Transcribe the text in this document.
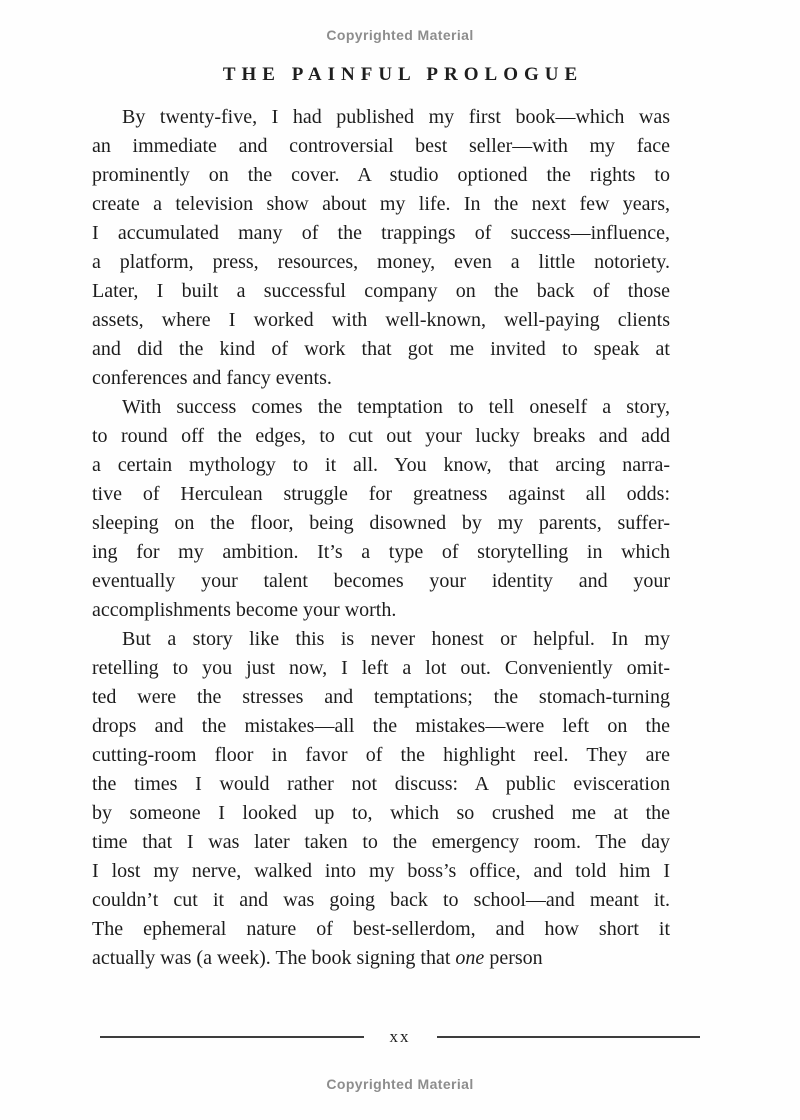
Copyrighted Material
THE PAINFUL PROLOGUE
By twenty-five, I had published my first book—which was
an immediate and controversial best seller—with my face
prominently on the cover. A studio optioned the rights to
create a television show about my life. In the next few years,
I accumulated many of the trappings of success—influence,
a platform, press, resources, money, even a little notoriety.
Later, I built a successful company on the back of those
assets, where I worked with well-known, well-paying clients
and did the kind of work that got me invited to speak at
conferences and fancy events.
With success comes the temptation to tell oneself a story,
to round off the edges, to cut out your lucky breaks and add
a certain mythology to it all. You know, that arcing narra-
tive of Herculean struggle for greatness against all odds:
sleeping on the floor, being disowned by my parents, suffer-
ing for my ambition. It’s a type of storytelling in which
eventually your talent becomes your identity and your
accomplishments become your worth.
But a story like this is never honest or helpful. In my
retelling to you just now, I left a lot out. Conveniently omit-
ted were the stresses and temptations; the stomach-turning
drops and the mistakes—all the mistakes—were left on the
cutting-room floor in favor of the highlight reel. They are
the times I would rather not discuss: A public evisceration
by someone I looked up to, which so crushed me at the
time that I was later taken to the emergency room. The day
I lost my nerve, walked into my boss’s office, and told him I
couldn’t cut it and was going back to school—and meant it.
The ephemeral nature of best-sellerdom, and how short it
actually was (a week). The book signing that one person
xx
Copyrighted Material
